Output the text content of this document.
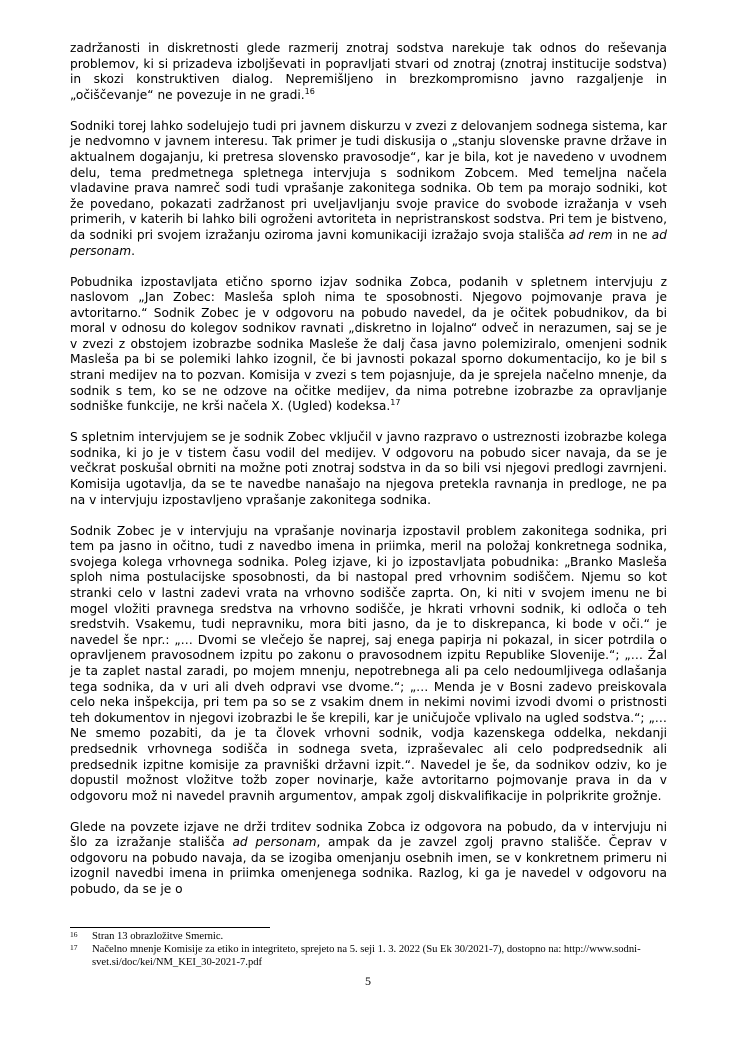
zadržanosti in diskretnosti glede razmerij znotraj sodstva narekuje tak odnos do reševanja problemov, ki si prizadeva izboljševati in popravljati stvari od znotraj (znotraj institucije sodstva) in skozi konstruktiven dialog. Nepremišljeno in brezkompromisno javno razgaljenje in „očiščevanje“ ne povezuje in ne gradi.$^{16}$

Sodniki torej lahko sodelujejo tudi pri javnem diskurzu v zvezi z delovanjem sodnega sistema, kar je nedvomno v javnem interesu. Tak primer je tudi diskusija o „stanju slovenske pravne države in aktualnem dogajanju, ki pretresa slovensko pravosodje“, kar je bila, kot je navedeno v uvodnem delu, tema predmetnega spletnega intervjuja s sodnikom Zobcem. Med temeljna načela vladavine prava namreč sodi tudi vprašanje zakonitega sodnika. Ob tem pa morajo sodniki, kot že povedano, pokazati zadržanost pri uveljavljanju svoje pravice do svobode izražanja v vseh primerih, v katerih bi lahko bili ogroženi avtoriteta in nepristranskost sodstva. Pri tem je bistveno, da sodniki pri svojem izražanju oziroma javni komunikaciji izražajo svoja stališča ad rem in ne ad personam.

Pobudnika izpostavljata etično sporno izjav sodnika Zobca, podanih v spletnem intervjuju z naslovom „Jan Zobec: Masleša sploh nima te sposobnosti. Njegovo pojmovanje prava je avtoritarno.“ Sodnik Zobec je v odgovoru na pobudo navedel, da je očitek pobudnikov, da bi moral v odnosu do kolegov sodnikov ravnati „diskretno in lojalno“ odveč in nerazumen, saj se je v zvezi z obstojem izobrazbe sodnika Masleše že dalj časa javno polemiziralo, omenjeni sodnik Masleša pa bi se polemiki lahko izognil, če bi javnosti pokazal sporno dokumentacijo, ko je bil s strani medijev na to pozvan. Komisija v zvezi s tem pojasnjuje, da je sprejela načelno mnenje, da sodnik s tem, ko se ne odzove na očitke medijev, da nima potrebne izobrazbe za opravljanje sodniške funkcije, ne krši načela X. (Ugled) kodeksa.$^{17}$

S spletnim intervjujem se je sodnik Zobec vključil v javno razpravo o ustreznosti izobrazbe kolega sodnika, ki jo je v tistem času vodil del medijev. V odgovoru na pobudo sicer navaja, da se je večkrat poskušal obrniti na možne poti znotraj sodstva in da so bili vsi njegovi predlogi zavrnjeni. Komisija ugotavlja, da se te navedbe nanašajo na njegova pretekla ravnanja in predloge, ne pa na v intervjuju izpostavljeno vprašanje zakonitega sodnika.

Sodnik Zobec je v intervjuju na vprašanje novinarja izpostavil problem zakonitega sodnika, pri tem pa jasno in očitno, tudi z navedbo imena in priimka, meril na položaj konkretnega sodnika, svojega kolega vrhovnega sodnika. Poleg izjave, ki jo izpostavljata pobudnika: „Branko Masleša sploh nima postulacijske sposobnosti, da bi nastopal pred vrhovnim sodiščem. Njemu so kot stranki celo v lastni zadevi vrata na vrhovno sodišče zaprta. On, ki niti v svojem imenu ne bi mogel vložiti pravnega sredstva na vrhovno sodišče, je hkrati vrhovni sodnik, ki odloča o teh sredstvih. Vsakemu, tudi nepravniku, mora biti jasno, da je to diskrepanca, ki bode v oči.“ je navedel še npr.: „… Dvomi se vlečejo še naprej, saj enega papirja ni pokazal, in sicer potrdila o opravljenem pravosodnem izpitu po zakonu o pravosodnem izpitu Republike Slovenije.“; „… Žal je ta zaplet nastal zaradi, po mojem mnenju, nepotrebnega ali pa celo nedoumljivega odlašanja tega sodnika, da v uri ali dveh odpravi vse dvome.“; „… Menda je v Bosni zadevo preiskovala celo neka inšpekcija, pri tem pa so se z vsakim dnem in nekimi novimi izvodi dvomi o pristnosti teh dokumentov in njegovi izobrazbi le še krepili, kar je uničujoče vplivalo na ugled sodstva.“; „… Ne smemo pozabiti, da je ta človek vrhovni sodnik, vodja kazenskega oddelka, nekdanji predsednik vrhovnega sodišča in sodnega sveta, izpraševalec ali celo podpredsednik ali predsednik izpitne komisije za pravniški državni izpit.“. Navedel je še, da sodnikov odziv, ko je dopustil možnost vložitve tožb zoper novinarje, kaže avtoritarno pojmovanje prava in da v odgovoru mož ni navedel pravnih argumentov, ampak zgolj diskvalifikacije in polprikrite grožnje.

Glede na povzete izjave ne drži trditev sodnika Zobca iz odgovora na pobudo, da v intervjuju ni šlo za izražanje stališča ad personam, ampak da je zavzel zgolj pravno stališče. Čeprav v odgovoru na pobudo navaja, da se izogiba omenjanju osebnih imen, se v konkretnem primeru ni izognil navedbi imena in priimka omenjenega sodnika. Razlog, ki ga je navedel v odgovoru na pobudo, da se je o

16 Stran 13 obrazložitve Smernic.
17 Načelno mnenje Komisije za etiko in integriteto, sprejeto na 5. seji 1. 3. 2022 (Su Ek 30/2021-7), dostopno na: http://www.sodni-svet.si/doc/kei/NM_KEI_30-2021-7.pdf
5
